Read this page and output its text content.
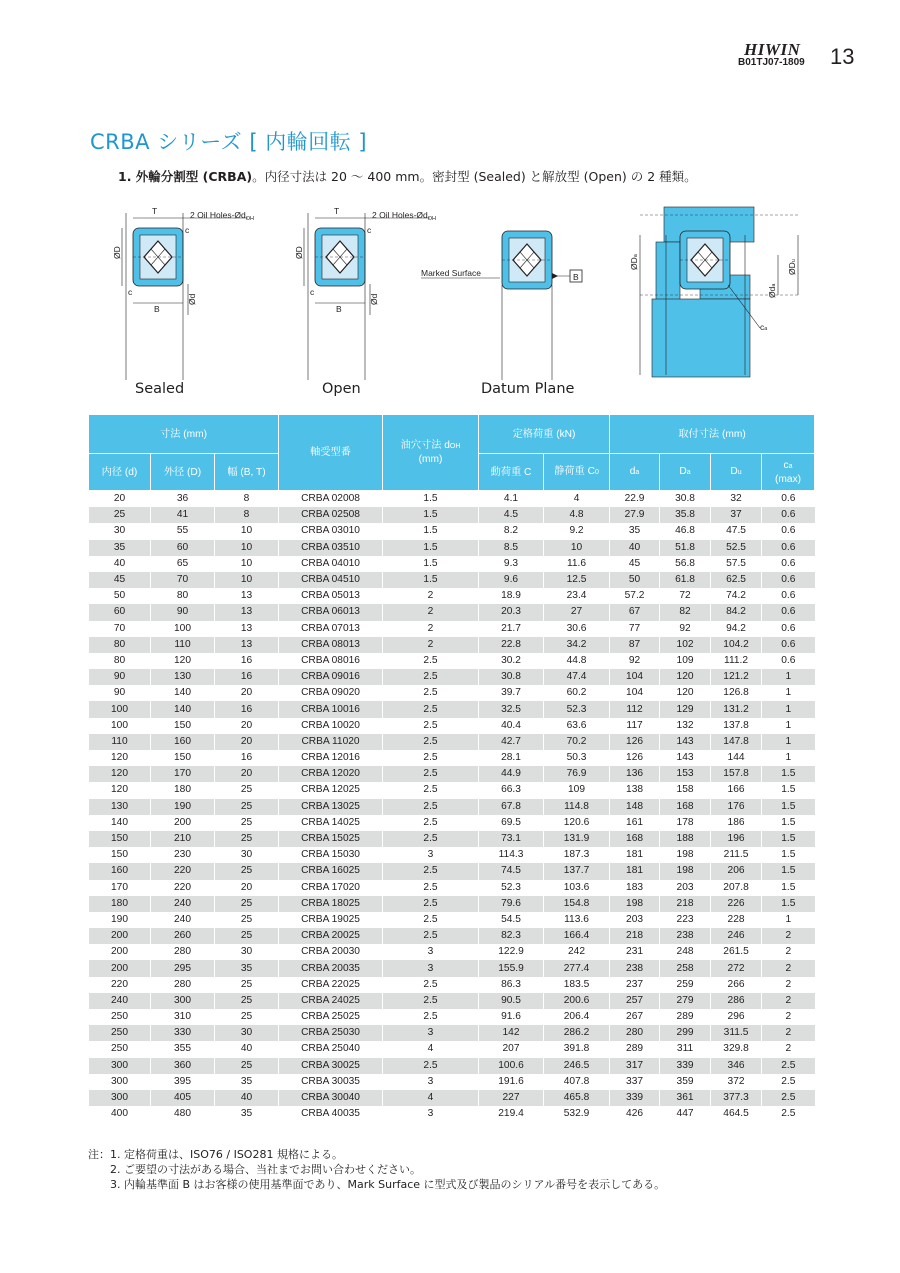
HIWIN
B01TJ07-1809 13
CRBA シリーズ [ 内輪回転 ]
1. 外輪分割型 (CRBA)。内径寸法は 20 ～ 400 mm。密封型 (Sealed) と解放型 (Open) の 2 種類。
T
B
2 Oil Holes-$Ød_{OH}$
c
c
ØD
Ød
T
B
2 Oil Holes-$Ød_{OH}$
c
c
ØD
Ød
Marked Surface	B
ØDa
Øda
ØDu
ca
Sealed	Open	Datum Plane
寸法 (mm)			軸受型番	油穴寸法 dOH
(mm)	定格荷重 (kN)		取付寸法 (mm)			
内径 (d)	外径 (D)	幅 (B, T)			動荷重 C	静荷重 C0	da	Da	Du	ca
(max)
20	36	8	CRBA 02008	1.5	4.1	4	22.9	30.8	32	0.6
25	41	8	CRBA 02508	1.5	4.5	4.8	27.9	35.8	37	0.6
30	55	10	CRBA 03010	1.5	8.2	9.2	35	46.8	47.5	0.6
35	60	10	CRBA 03510	1.5	8.5	10	40	51.8	52.5	0.6
40	65	10	CRBA 04010	1.5	9.3	11.6	45	56.8	57.5	0.6
45	70	10	CRBA 04510	1.5	9.6	12.5	50	61.8	62.5	0.6
50	80	13	CRBA 05013	2	18.9	23.4	57.2	72	74.2	0.6
60	90	13	CRBA 06013	2	20.3	27	67	82	84.2	0.6
70	100	13	CRBA 07013	2	21.7	30.6	77	92	94.2	0.6
80	110	13	CRBA 08013	2	22.8	34.2	87	102	104.2	0.6
80	120	16	CRBA 08016	2.5	30.2	44.8	92	109	111.2	0.6
90	130	16	CRBA 09016	2.5	30.8	47.4	104	120	121.2	1
90	140	20	CRBA 09020	2.5	39.7	60.2	104	120	126.8	1
100	140	16	CRBA 10016	2.5	32.5	52.3	112	129	131.2	1
100	150	20	CRBA 10020	2.5	40.4	63.6	117	132	137.8	1
110	160	20	CRBA 11020	2.5	42.7	70.2	126	143	147.8	1
120	150	16	CRBA 12016	2.5	28.1	50.3	126	143	144	1
120	170	20	CRBA 12020	2.5	44.9	76.9	136	153	157.8	1.5
120	180	25	CRBA 12025	2.5	66.3	109	138	158	166	1.5
130	190	25	CRBA 13025	2.5	67.8	114.8	148	168	176	1.5
140	200	25	CRBA 14025	2.5	69.5	120.6	161	178	186	1.5
150	210	25	CRBA 15025	2.5	73.1	131.9	168	188	196	1.5
150	230	30	CRBA 15030	3	114.3	187.3	181	198	211.5	1.5
160	220	25	CRBA 16025	2.5	74.5	137.7	181	198	206	1.5
170	220	20	CRBA 17020	2.5	52.3	103.6	183	203	207.8	1.5
180	240	25	CRBA 18025	2.5	79.6	154.8	198	218	226	1.5
190	240	25	CRBA 19025	2.5	54.5	113.6	203	223	228	1
200	260	25	CRBA 20025	2.5	82.3	166.4	218	238	246	2
200	280	30	CRBA 20030	3	122.9	242	231	248	261.5	2
200	295	35	CRBA 20035	3	155.9	277.4	238	258	272	2
220	280	25	CRBA 22025	2.5	86.3	183.5	237	259	266	2
240	300	25	CRBA 24025	2.5	90.5	200.6	257	279	286	2
250	310	25	CRBA 25025	2.5	91.6	206.4	267	289	296	2
250	330	30	CRBA 25030	3	142	286.2	280	299	311.5	2
250	355	40	CRBA 25040	4	207	391.8	289	311	329.8	2
300	360	25	CRBA 30025	2.5	100.6	246.5	317	339	346	2.5
300	395	35	CRBA 30035	3	191.6	407.8	337	359	372	2.5
300	405	40	CRBA 30040	4	227	465.8	339	361	377.3	2.5
400	480	35	CRBA 40035	3	219.4	532.9	426	447	464.5	2.5
注：1. 定格荷重は、ISO76 / ISO281 規格による。
2. ご要望の寸法がある場合、当社までお問い合わせください。
3. 内輪基準面 B はお客様の使用基準面であり、Mark Surface に型式及び製品のシリアル番号を表示してある。
